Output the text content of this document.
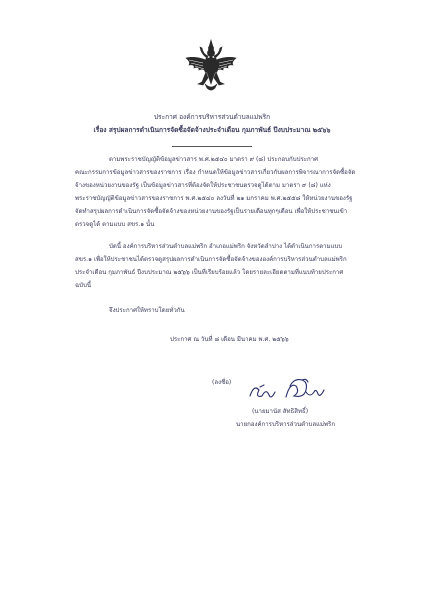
ประกาศ องค์การบริหารส่วนตำบลแม่พริก
เรื่อง สรุปผลการดำเนินการจัดซื้อจัดจ้างประจำเดือน กุมภาพันธ์ ปีงบประมาณ ๒๕๖๖
ตามพระราชบัญญัติข้อมูลข่าวสาร พ.ศ.๒๕๔๐ มาตรา ๙ (๘) ประกอบกับประกาศ
คณะกรรมการข้อมูลข่าวสารของราชการ เรื่อง กำหนดให้ข้อมูลข่าวสารเกี่ยวกับผลการพิจารณาการจัดซื้อจัด
จ้างของหน่วยงานของรัฐ เป็นข้อมูลข่าวสารที่ต้องจัดให้ประชาชนตรวจดูได้ตาม มาตรา ๙ (๘) แห่ง
พระราชบัญญัติข้อมูลข่าวสารของราชการ พ.ศ.๒๕๔๐ ลงวันที่ ๒๑ มกราคม พ.ศ.๒๕๕๘ ให้หน่วยงานของรัฐ
จัดทำสรุปผลการดำเนินการจัดซื้อจัดจ้างของหน่วยงานของรัฐเป็นรายเดือนทุกๆเดือน เพื่อให้ประชาชนเข้า
ตรวจดูได้ ตามแบบ สขร.๑ นั้น
บัดนี้ องค์การบริหารส่วนตำบลแม่พริก อำเภอแม่พริก จังหวัดลำปาง ได้ดำเนินการตามแบบ
สขร.๑ เพื่อให้ประชาชนได้ตรวจดูสรุปผลการดำเนินการจัดซื้อจัดจ้างขององค์การบริหารส่วนตำบลแม่พริก
ประจำเดือน กุมภาพันธ์ ปีงบประมาณ ๒๕๖๖ เป็นที่เรียบร้อยแล้ว โดยรายละเอียดตามที่แนบท้ายประกาศ
ฉบับนี้
จึงประกาศให้ทราบโดยทั่วกัน
ประกาศ ณ วันที่ ๘ เดือน มีนาคม พ.ศ. ๒๕๖๖
(ลงชื่อ)
(นายมานัส สัทธิสิทธิ์)
นายกองค์การบริหารส่วนตำบลแม่พริก
